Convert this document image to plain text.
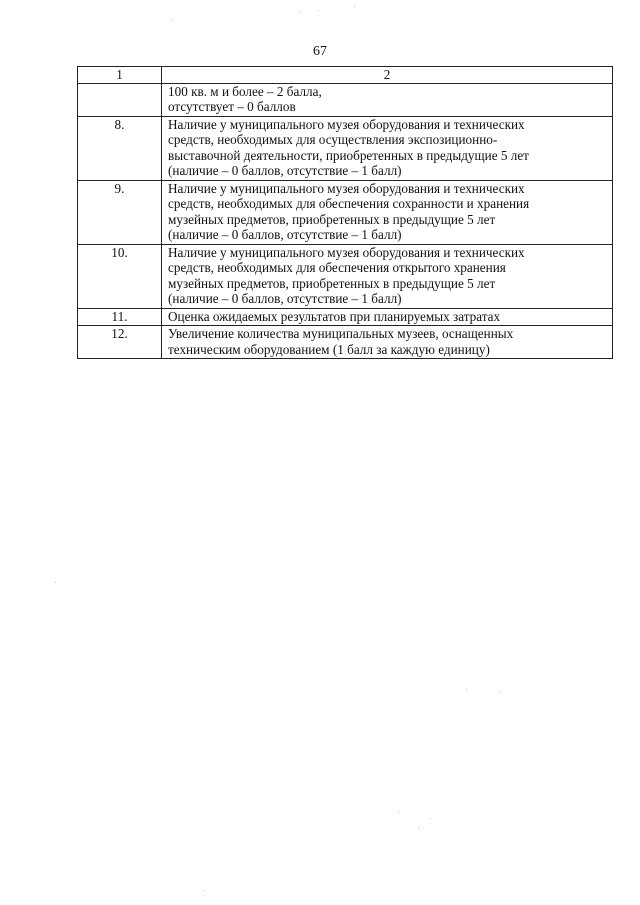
67
1	2

	100 кв. м и более – 2 балла,
отсутствует – 0 баллов

8.	Наличие у муниципального музея оборудования и технических
средств, необходимых для осуществления экспозиционно-
выставочной деятельности, приобретенных в предыдущие 5 лет
(наличие – 0 баллов, отсутствие – 1 балл)

9.	Наличие у муниципального музея оборудования и технических
средств, необходимых для обеспечения сохранности и хранения
музейных предметов, приобретенных в предыдущие 5 лет
(наличие – 0 баллов, отсутствие – 1 балл)

10.	Наличие у муниципального музея оборудования и технических
средств, необходимых для обеспечения открытого хранения
музейных предметов, приобретенных в предыдущие 5 лет
(наличие – 0 баллов, отсутствие – 1 балл)

11.	Оценка ожидаемых результатов при планируемых затратах

12.	Увеличение количества муниципальных музеев, оснащенных
техническим оборудованием (1 балл за каждую единицу)
